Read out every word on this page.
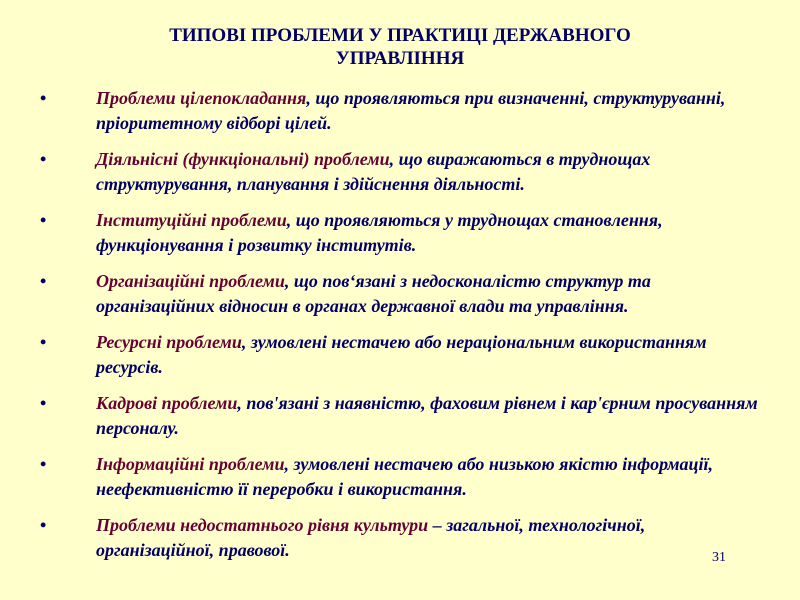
ТИПОВІ ПРОБЛЕМИ У ПРАКТИЦІ ДЕРЖАВНОГО
УПРАВЛІННЯ
•	Проблеми цілепокладання, що проявляються при визначенні, структуруванні, пріоритетному відборі цілей.
•	Діяльнісні (функціональні) проблеми, що виражаються в труднощах структурування, планування і здійснення діяльності.
•	Інституційні проблеми, що проявляються у труднощах становлення, функціонування і розвитку інститутів.
•	Організаційні проблеми, що пов‘язані з недосконалістю структур та організаційних відносин в органах державної влади та управління.
•	Ресурсні проблеми, зумовлені нестачею або нераціональним використанням ресурсів.
•	Кадрові проблеми, пов'язані з наявністю, фаховим рівнем і кар'єрним просуванням персоналу.
•	Інформаційні проблеми, зумовлені нестачею або низькою якістю інформації, неефективністю її переробки і використання.
•	Проблеми недостатнього рівня культури – загальної, технологічної, організаційної, правової.	31
